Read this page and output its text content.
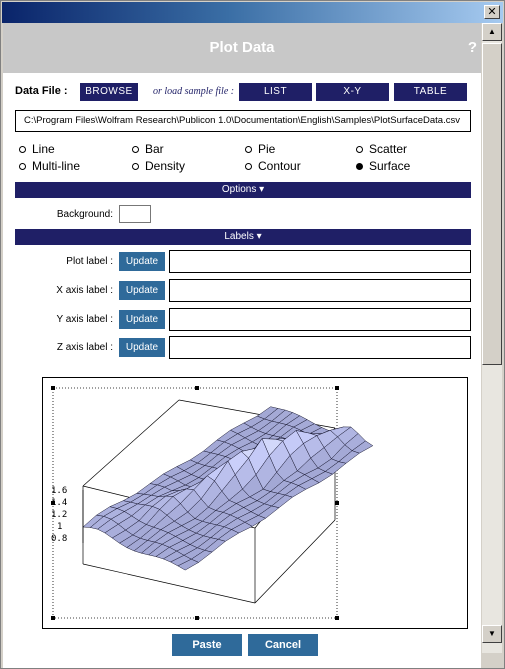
✕
Plot Data	?
Data File :	BROWSE	or load sample file :	LIST	X-Y	TABLE
C:\Program Files\Wolfram Research\Publicon 1.0\Documentation\English\Samples\PlotSurfaceData.csv
Line	Bar	Pie	Scatter
Multi-line	Density	Contour	Surface
Options ▾
Background:
Labels ▾
Plot label :	Update
X axis label :	Update
Y axis label :	Update
Z axis label :	Update
1.6
1.4
1.2
1
0.8
Paste	Cancel
▲
▼
